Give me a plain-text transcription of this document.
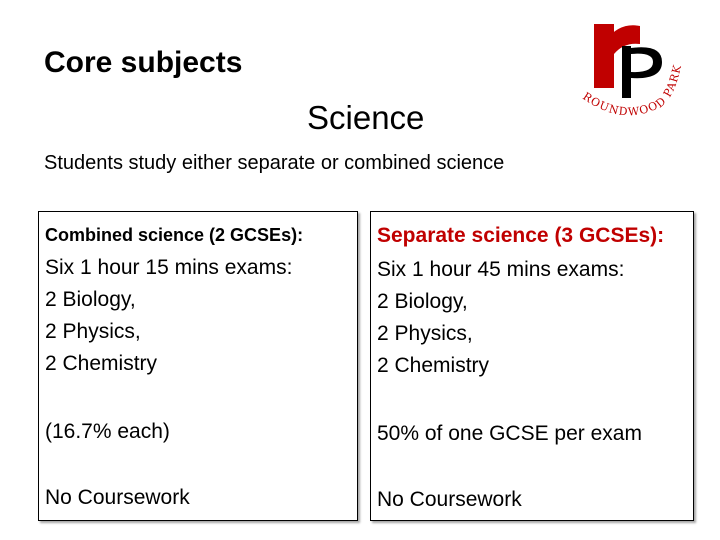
Core subjects
Science
Students study either separate or combined science
ROUNDWOOD PARK

Combined science (2 GCSEs):

Six 1 hour 15 mins exams:
2 Biology,
2 Physics,
2 Chemistry

(16.7% each)

No Coursework

Separate science (3 GCSEs):

Six 1 hour 45 mins exams:
2 Biology,
2 Physics,
2 Chemistry

50% of one GCSE per exam

No Coursework
